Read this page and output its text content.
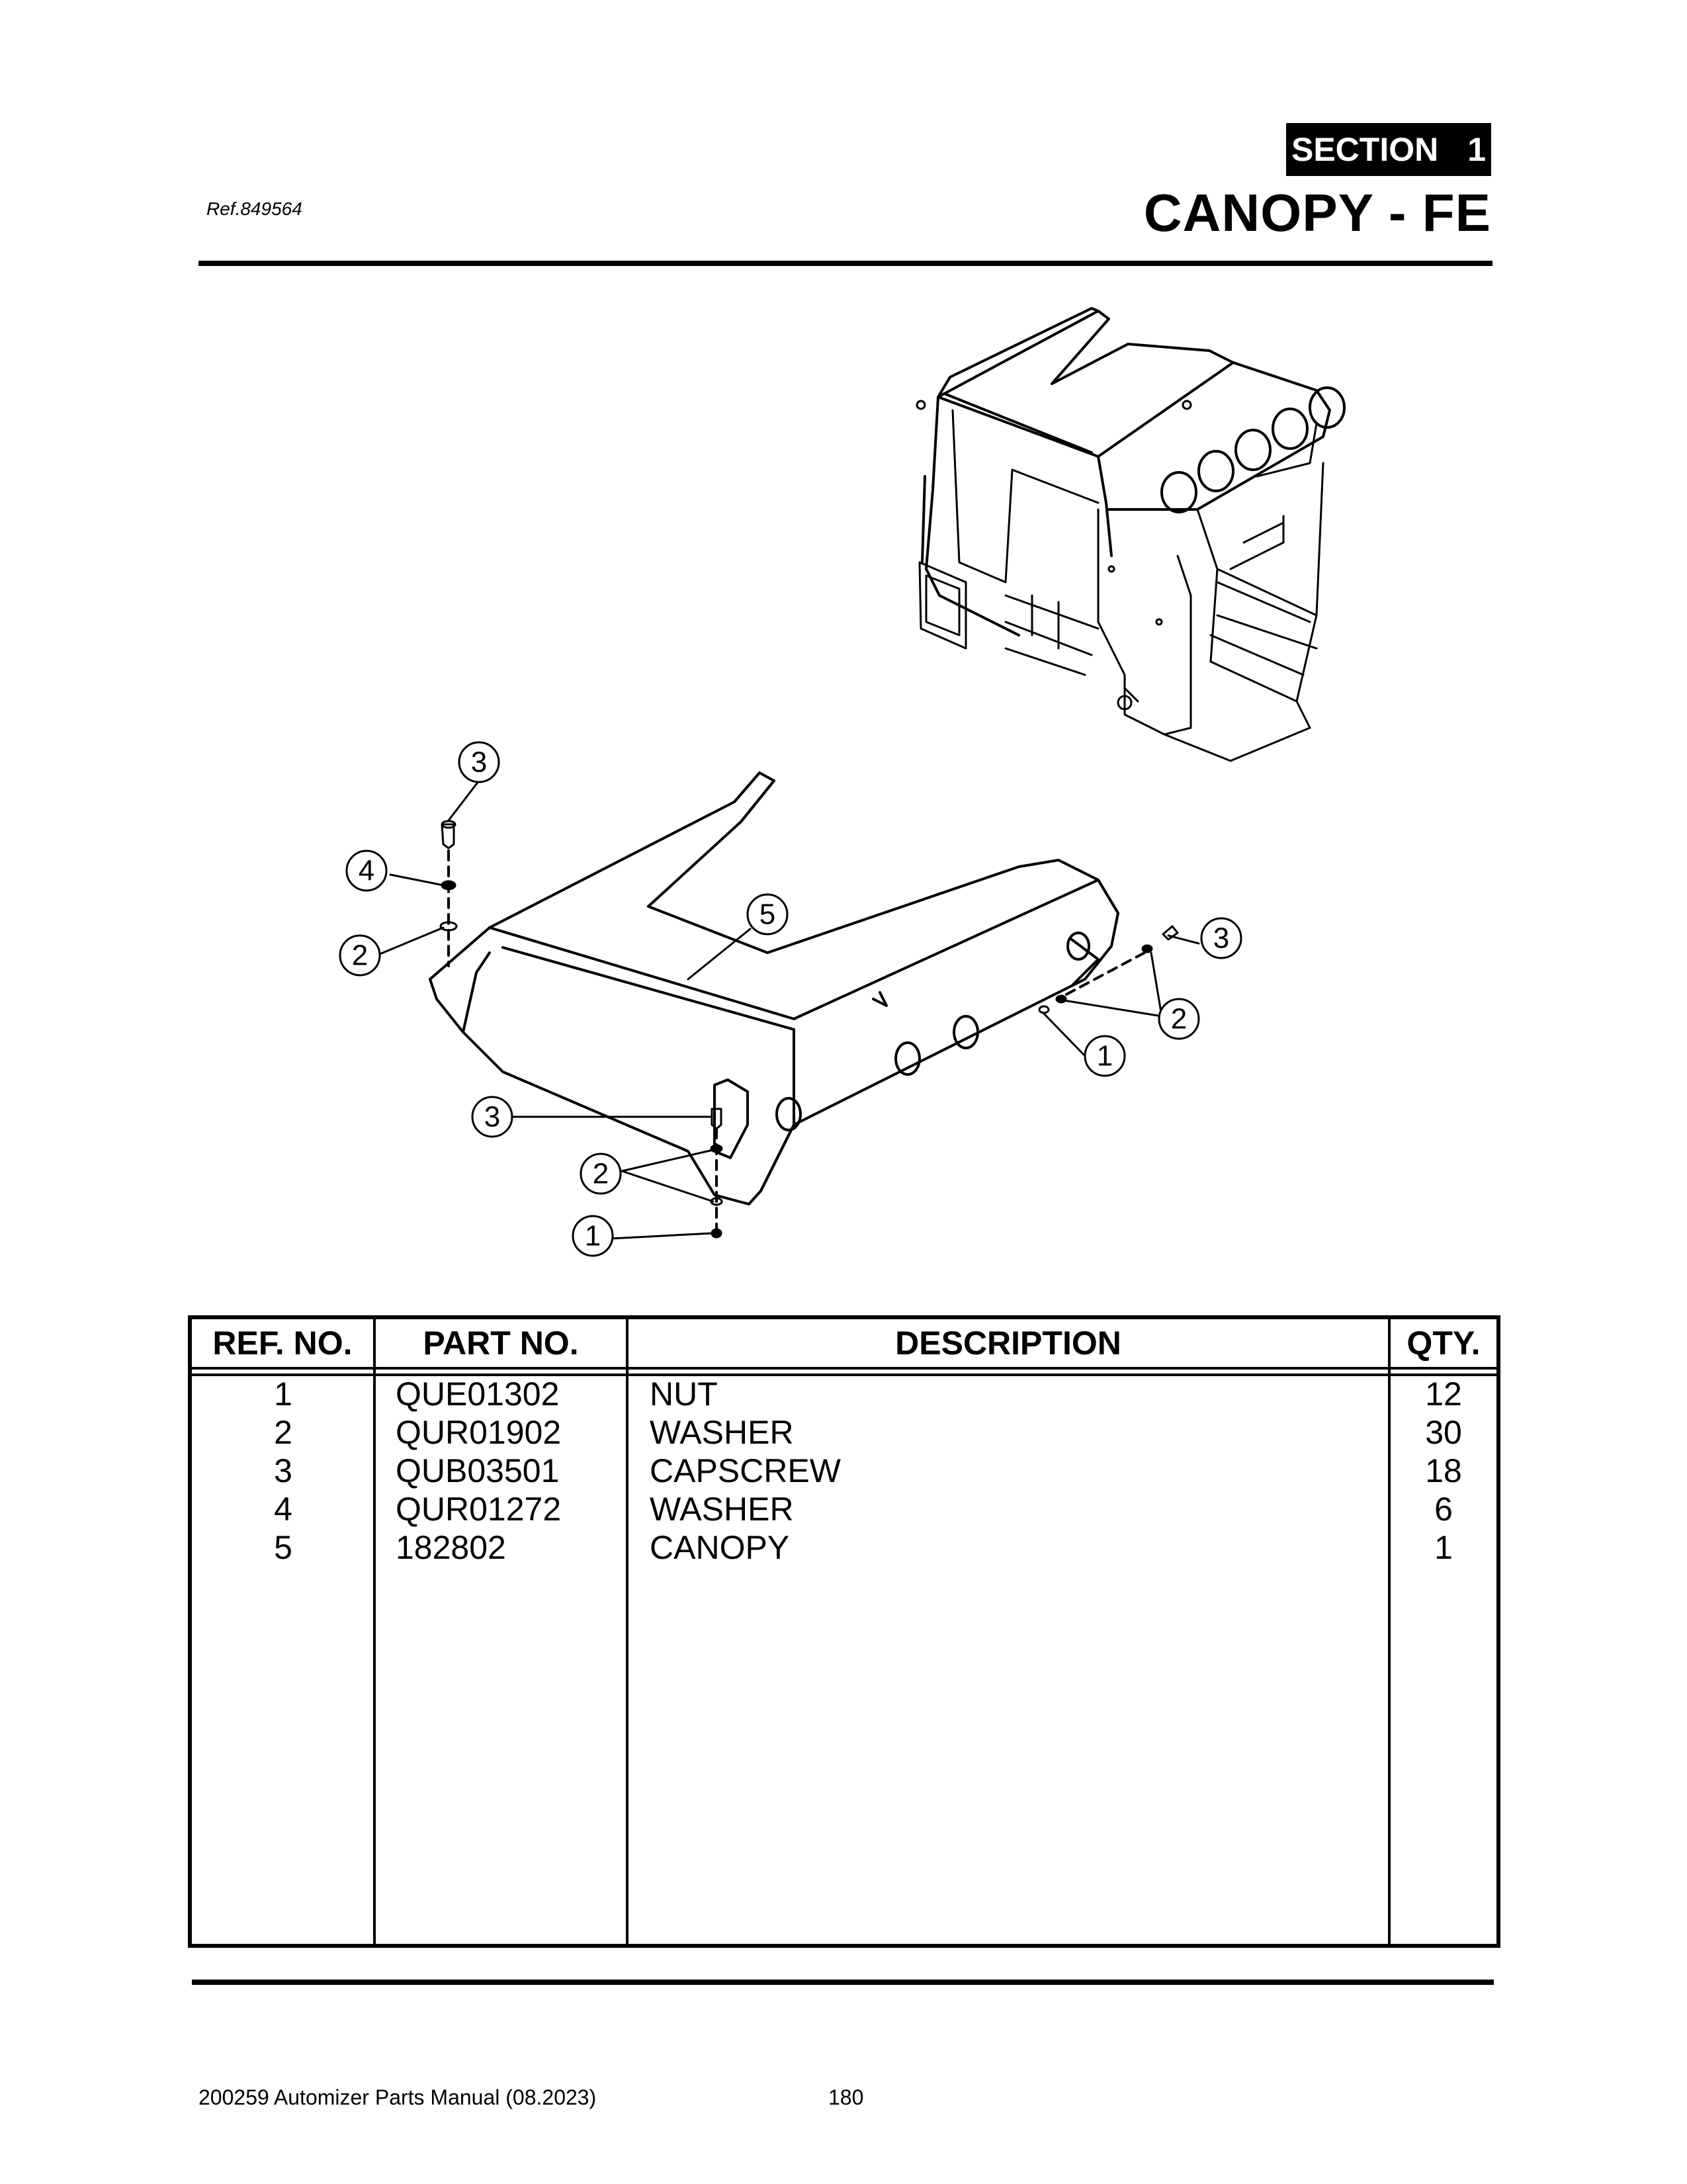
SECTION 1
Ref.849564	CANOPY - FE
3
4
2
5
3
2
1
3
2
1
REF. NO.	PART NO.	DESCRIPTION	QTY.
1	QUE01302	NUT	12
2	QUR01902	WASHER	30
3	QUB03501	CAPSCREW	18
4	QUR01272	WASHER	6
5	182802	CANOPY	1
200259 Automizer Parts Manual (08.2023)	180
